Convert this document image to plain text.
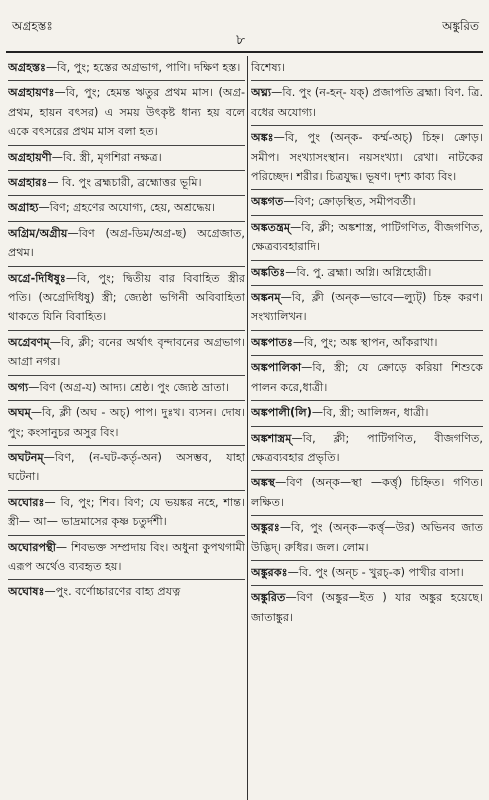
অগ্রহস্তঃ
৮
অঙ্কুরিত
অগ্রহস্তঃ—বি, পুং; হস্তের অগ্রভাগ, পাণি। দক্ষিণ হস্ত।
অগ্রহায়ণঃ—বি, পুং; হেমন্ত ঋতুর প্রথম মাস। (অগ্র-প্রথম, হায়ন বৎসর) এ সময় উৎকৃষ্ট ধান্য হয় বলে একে বৎসরের প্রথম মাস বলা হত।
অগ্রহায়ণী—বি. স্ত্রী, মৃগশিরা নক্ষত্র।
অগ্রহারঃ— বি. পুং ব্রহ্মচারী, ব্রহ্মোত্তর ভূমি।
অগ্রাহ্য—বিণ; গ্রহণের অযোগ্য, হেয়, অশ্রদ্ধেয়।
অগ্রিম/অগ্রীয়—বিণ (অগ্র-ডিম/অগ্র-ছ) অগ্রেজাত, প্রথম।
অগ্রে-দিধিষুঃ—বি, পুং; দ্বিতীয় বার বিবাহিত স্ত্রীর পতি। (অগ্রেদিধিষু) স্ত্রী; জ্যেষ্ঠা ভগিনী অবিবাহিতা থাকতে যিনি বিবাহিত।
অগ্রেবণম্—বি, ক্লী; বনের অর্থাৎ বৃন্দাবনের অগ্রভাগ। আগ্রা নগর।
অগ্য—বিণ (অগ্র-য) আদ্য। শ্রেষ্ঠ। পুং জ্যেষ্ঠ ভ্রাতা।
অঘম্—বি, ক্লী (অঘ - অচ্) পাপ। দুঃখ। ব্যসন। দোষ। পুং; কংসানুচর অসুর বিং।
অঘটনম্—বিণ, (ন-ঘট-কর্তৃ-অন) অসম্ভব, যাহা ঘটেনা।
অঘোরঃ— বি, পুং; শিব। বিণ; যে ভয়ঙ্কর নহে, শান্ত। স্ত্রী— আ— ভাদ্রমাসের কৃষ্ণ চতুর্দশী।
অঘোরপন্থী— শিবভক্ত সম্প্রদায় বিং। অধুনা কুপথগামী এরূপ অর্থেও ব্যবহৃত হয়।
অঘোষঃ—পুং. বর্ণোচ্চারণের বাহ্য প্রযত্ন
বিশেষ্য।
অঘ্ন্য—বি. পুং (ন-হন্- যক্) প্রজাপতি ব্রহ্মা। বিণ. ত্রি. বধের অযোগ্য।
অঙ্কঃ—বি, পুং (অন্ক- কর্ম্ম-অচ্) চিহ্ন। ক্রোড়। সমীপ। সংখ্যাসংস্থান। নয়সংখ্যা। রেখা। নাটকের পরিচ্ছেদ। শরীর। চিত্রযুদ্ধ। ভূষণ। দৃশ্য কাব্য বিং।
অঙ্কগত—বিণ; ক্রোড়স্থিত, সমীপবর্তী।
অঙ্কতন্ত্রম্—বি, ক্লী; অঙ্কশাস্ত্র, পাটিগণিত, বীজগণিত, ক্ষেত্রব্যবহারাদি।
অঙ্কতিঃ—বি. পু. ব্রহ্মা। অগ্নি। অগ্নিহোত্রী।
অঙ্কনম্—বি, ক্লী (অন্ক—ভাবে—ল্যুট্) চিহ্ন করণ। সংখ্যালিখন।
অঙ্কপাতঃ—বি, পুং; অঙ্ক স্থাপন, আঁকরাখা।
অঙ্কপালিকা—বি, স্ত্রী; যে ক্রোড়ে করিয়া শিশুকে পালন করে,ধাত্রী।
অঙ্কপালী(লি)—বি, স্ত্রী; আলিঙ্গন, ধাত্রী।
অঙ্কশাস্ত্রম্—বি, ক্লী; পাটিগণিত, বীজগণিত, ক্ষেত্রব্যবহার প্রভৃতি।
অঙ্কস্থ—বিণ (অন্ক—স্থা —কর্ত্তৃ) চিহ্নিত। গণিত। লক্ষিত।
অঙ্কুরঃ—বি, পুং (অন্ক—কর্ত্তৃ—উর) অভিনব জাত উদ্ভিদ্। রুধির। জল। লোম।
অঙ্কুরকঃ—বি. পুং (অন্চ - খুরচ্-ক) পাখীর বাসা।
অঙ্কুরিত—বিণ (অঙ্কুর—ইত ) যার অঙ্কুর হয়েছে। জাতাঙ্কুর।
